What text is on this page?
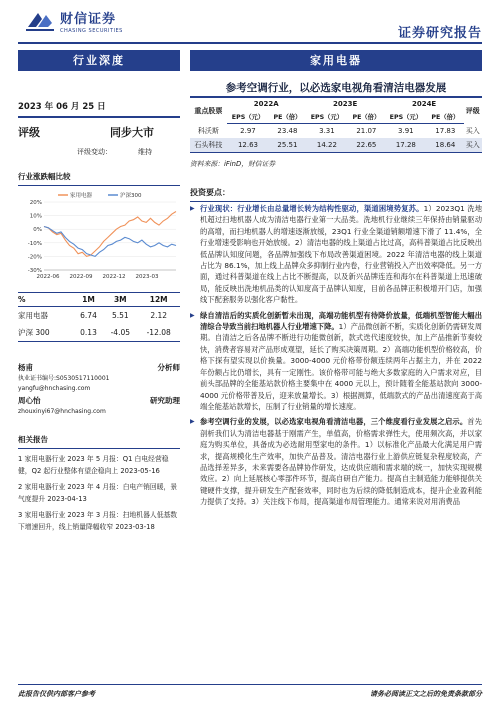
财信证券
CHASING SECURITIES	证券研究报告
行业深度	家用电器
参考空调行业，以必选家电视角看清洁电器发展
2023 年 06 月 25 日
评级	同步大市
评级变动：	维持
行业涨跌幅比较
20%
10%
0%
-10%
-20%
-30%
2022-06 2022-09 2022-12 2023-03
家用电器	沪深300
%	1M	3M	12M
家用电器	6.74	5.51	2.12
沪深 300	0.13	-4.05	-12.08
杨甫	分析师
执业证书编号:S0530517110001
yangfu@hnchasing.com
周心怡	研究助理
zhouxinyi67@hnchasing.com
相关报告
1 家用电器行业 2023 年 5 月报：Q1 白电经营稳健，Q2 起行业整体有望企稳向上 2023-05-16
2 家用电器行业 2023 年 4 月报：白电产销回暖，景气度提升 2023-04-13
3 家用电器行业 2023 年 3 月报：扫地机器人低基数下增速回升，线上销量降幅收窄 2023-03-18
重点股票	2022A		2023E		2024E		评级
	EPS（元）	PE（倍）	EPS（元）	PE（倍）	EPS（元）	PE（倍）	
科沃斯	2.97	23.48	3.31	21.07	3.91	17.83	买入
石头科技	12.63	25.51	14.22	22.65	17.28	18.64	买入
资料来源：iFinD，财信证券
投资要点：

▶ 行业现状：行业增长由总量增长转为结构性驱动，渠道困境势复苏。1）2023Q1 洗地机超过扫地机器人成为清洁电器行业第一大品类。洗地机行业继续三年保持由销量驱动的高增，而扫地机器人的增速逐渐放缓，23Q1 行业全渠道销额增速下滑了 11.4%，全行业增速受影响也开始放缓。2）清洁电器的线上渠道占比过高，高科普渠道占比反映出低品牌认知度问题，各品牌加强线下布局改善渠道困境。2022 年清洁电器的线上渠道占比为 86.1%，加上线上品牌众多抑制行业内卷，行业营销投入产出效率降低。另一方面，通过科普渠道在线上占比不断提高，以及新兴品牌连连和海尔在科普渠道上迅速破局，能反映出洗地机品类的认知度高于品牌认知度，目前各品牌正积极增开门店，加强线下配套服务以强化客户黏性。

▶ 绿自清洁后的实质化创新暂未出现，高端功能机型有待降价放量，低端机型智能大幅出清综合导致当前扫地机器人行业增速下降。1）产品微创新不断，实质化创新仍需研发周期。自清洁之后各品牌不断进行功能微创新，款式迭代速度较快，加上产品推新节奏较快，消费者容易对产品形成观望，延长了购买决策周期。2）高端功能机型价格较高，价格下探有望实现以价换量。3000-4000 元价格带份额连续两年占据主力，并在 2022 年份额占比仍增长，具有一定刚性。该价格带可能与绝大多数家庭的入户需求对应，目前头部品牌的全能基站款价格主要集中在 4000 元以上，预计随着全能基站款向 3000-4000 元价格带普及后，迎来放量增长。3）根据测算，低端款式的产品出清速度高于高端全能基站款增长，压制了行业销量的增长速度。

▶ 参考空调行业的发展，以必选家电视角看清洁电器，三个维度看行业发展之启示。首先剖析我们认为清洁电器基于刚需产生，单值高，价格需求弹性大，使用频次高，并以家庭为购买单位，具备成为必选耐用型家电的条件。1）以标准化产品最大化满足用户需求，提高规模化生产效率，加快产品普及。清洁电器行业上游供应链复杂程度较高，产品选择差异多，未来需要各品牌协作研发，达成供应端和需求端的统一，加快实现规模效应。2）向上延展核心零部件环节，提高自研自产能力。提高自主制造能力能够提供关键硬件支撑，提升研发生产配套效率，同时也为后续的降低制造成本，提升企业盈利能力提供了支持。3）关注线下布局，提高渠道布局管理能力。通常来说对用消费品

此报告仅供内部客户参考	请务必阅读正文之后的免责条款部分
